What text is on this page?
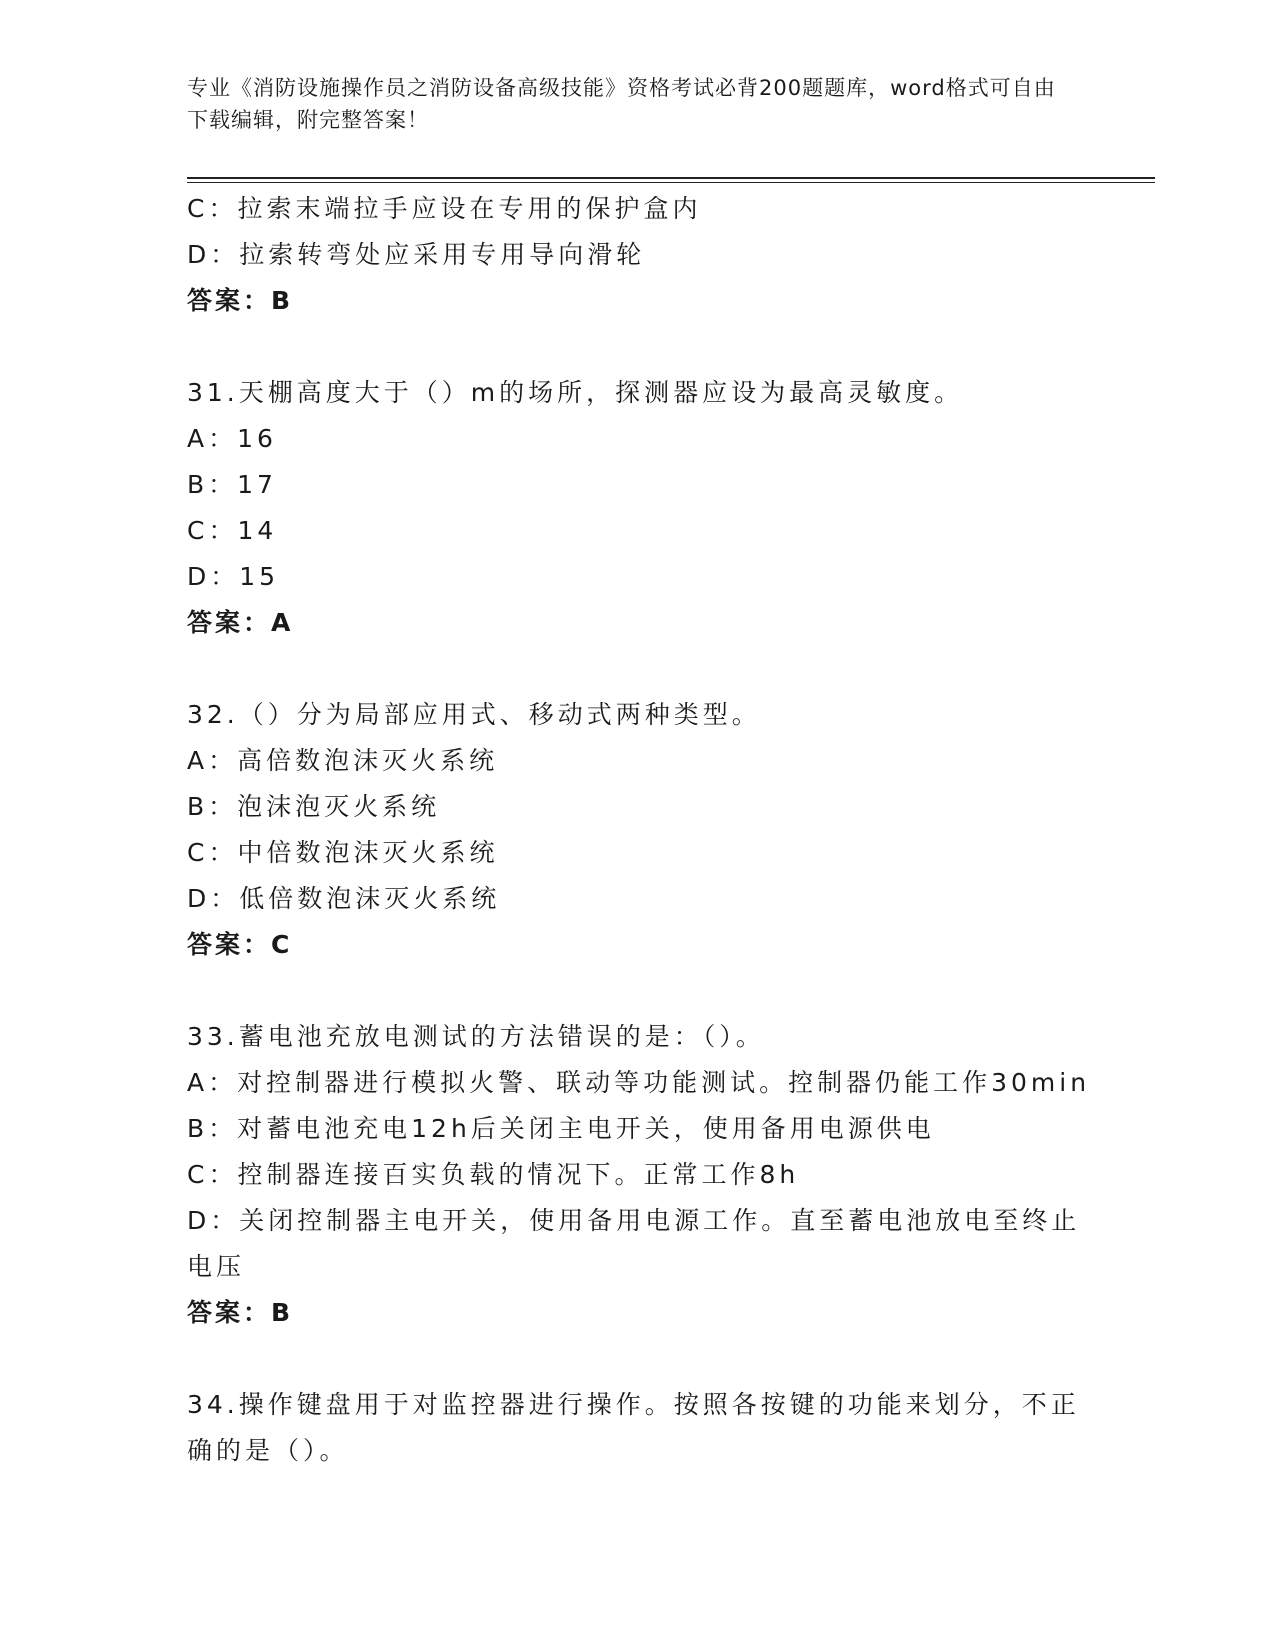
专业《消防设施操作员之消防设备高级技能》资格考试必背200题题库，word格式可自由下载编辑，附完整答案！
C：拉索末端拉手应设在专用的保护盒内
D：拉索转弯处应采用专用导向滑轮
答案：B
31.天棚高度大于（）m的场所，探测器应设为最高灵敏度。
A：16
B：17
C：14
D：15
答案：A
32.（）分为局部应用式、移动式两种类型。
A：高倍数泡沫灭火系统
B：泡沫泡灭火系统
C：中倍数泡沫灭火系统
D：低倍数泡沫灭火系统
答案：C
33.蓄电池充放电测试的方法错误的是：（）。
A：对控制器进行模拟火警、联动等功能测试。控制器仍能工作30min
B：对蓄电池充电12h后关闭主电开关，使用备用电源供电
C：控制器连接百实负载的情况下。正常工作8h
D：关闭控制器主电开关，使用备用电源工作。直至蓄电池放电至终止电压
答案：B
34.操作键盘用于对监控器进行操作。按照各按键的功能来划分，不正确的是（）。
